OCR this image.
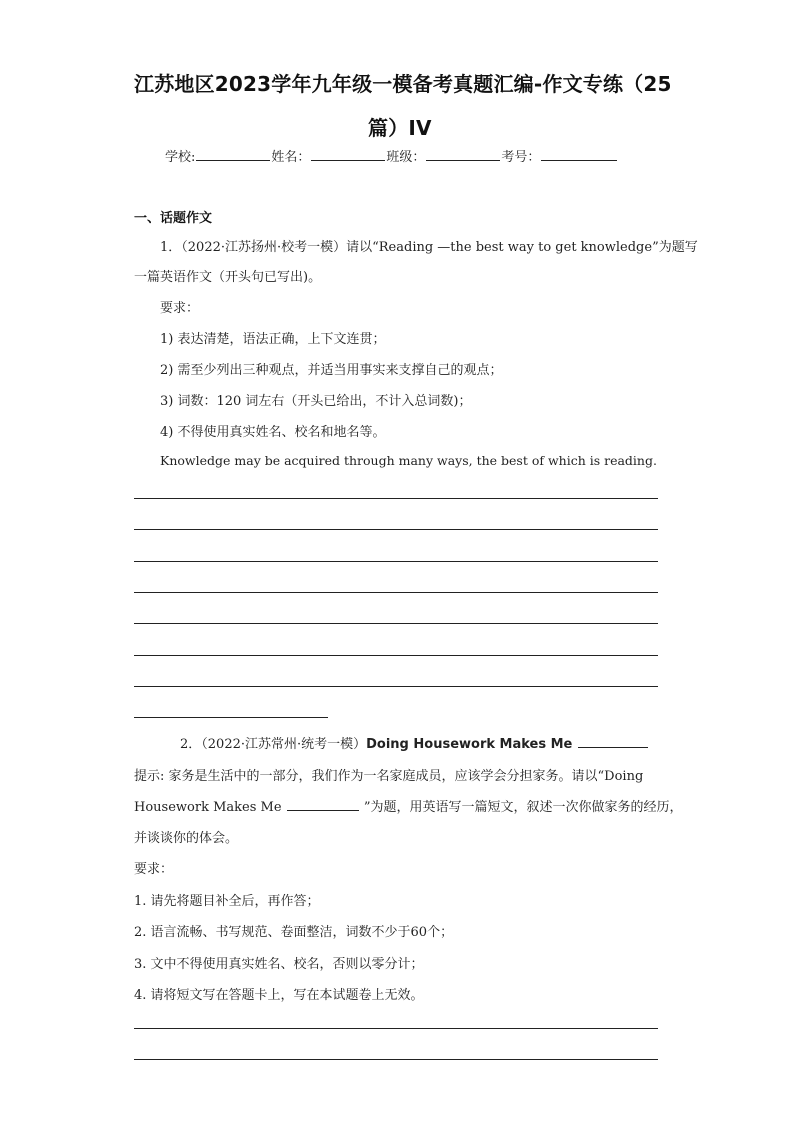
江苏地区2023学年九年级一模备考真题汇编-作文专练（25
篇）IV
学校:	姓名：	班级：	考号：
一、话题作文
1．（2022·江苏扬州·校考一模）请以“Reading —the best way to get knowledge”为题写
一篇英语作文（开头句已写出)。
要求：
1) 表达清楚，语法正确，上下文连贯；
2) 需至少列出三种观点，并适当用事实来支撑自己的观点；
3) 词数：120 词左右（开头已给出，不计入总词数)；
4) 不得使用真实姓名、校名和地名等。
Knowledge may be acquired through many ways, the best of which is reading.
2．（2022·江苏常州·统考一模）Doing Housework Makes Me
提示: 家务是生活中的一部分，我们作为一名家庭成员，应该学会分担家务。请以“Doing
Housework Makes Me	”为题，用英语写一篇短文，叙述一次你做家务的经历，
并谈谈你的体会。
要求：
1. 请先将题目补全后，再作答；
2. 语言流畅、书写规范、卷面整洁，词数不少于60个；
3. 文中不得使用真实姓名、校名，否则以零分计；
4. 请将短文写在答题卡上，写在本试题卷上无效。
